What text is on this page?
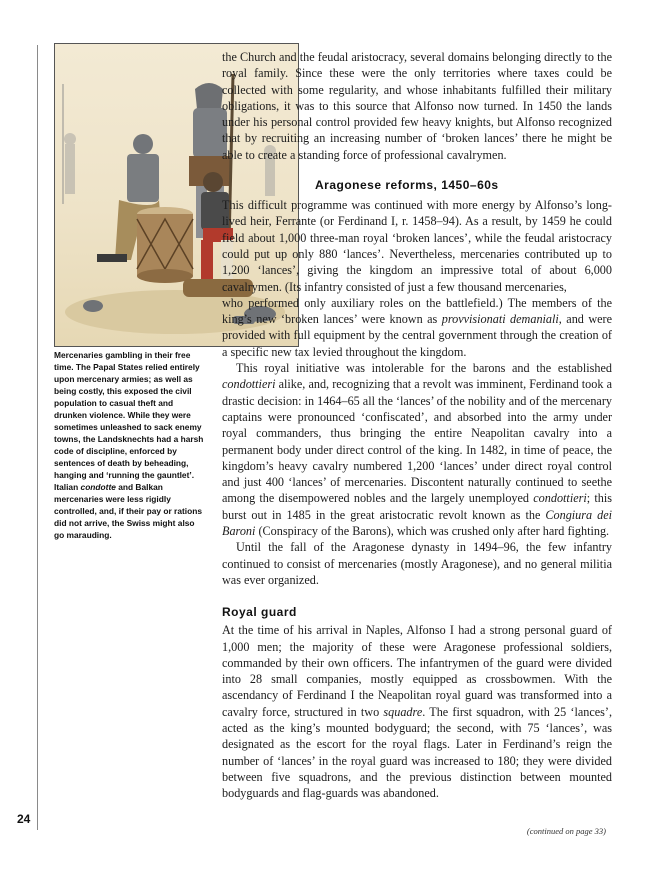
Mercenaries gambling in their free time. The Papal States relied entirely upon mercenary armies; as well as being costly, this exposed the civil population to casual theft and drunken violence. While they were sometimes unleashed to sack enemy towns, the Landsknechts had a harsh code of discipline, enforced by sentences of death by beheading, hanging and ‘running the gauntlet’. Italian condotte and Balkan mercenaries were less rigidly controlled, and, if their pay or rations did not arrive, the Swiss might also go marauding.

the Church and the feudal aristocracy, several domains belonging directly to the royal family. Since these were the only territories where taxes could be collected with some regularity, and whose inhabitants fulfilled their military obligations, it was to this source that Alfonso now turned. In 1450 the lands under his personal control provided few heavy knights, but Alfonso recognized that by recruiting an increasing number of ‘broken lances’ there he might be able to create a standing force of professional cavalrymen.

Aragonese reforms, 1450–60s

This difficult programme was continued with more energy by Alfonso’s long-lived heir, Ferrante (or Ferdinand I, r. 1458–94). As a result, by 1459 he could field about 1,000 three-man royal ‘broken lances’, while the feudal aristocracy could put up only 880 ‘lances’. Nevertheless, mercenaries contributed up to 1,200 ‘lances’, giving the kingdom an impressive total of about 6,000 cavalrymen. (Its infantry consisted of just a few thousand mercenaries,

who performed only auxiliary roles on the battlefield.) The members of the king’s new ‘broken lances’ were known as provvisionati demaniali, and were provided with full equipment by the central government through the creation of a specific new tax levied throughout the kingdom.

This royal initiative was intolerable for the barons and the established condottieri alike, and, recognizing that a revolt was imminent, Ferdinand took a drastic decision: in 1464–65 all the ‘lances’ of the nobility and of the mercenary captains were pronounced ‘confiscated’, and absorbed into the army under royal commanders, thus bringing the entire Neapolitan cavalry into a permanent body under direct control of the king. In 1482, in time of peace, the kingdom’s heavy cavalry numbered 1,200 ‘lances’ under direct royal control and just 400 ‘lances’ of mercenaries. Discontent naturally continued to seethe among the disempowered nobles and the largely unemployed condottieri; this burst out in 1485 in the great aristocratic revolt known as the Congiura dei Baroni (Conspiracy of the Barons), which was crushed only after hard fighting.

Until the fall of the Aragonese dynasty in 1494–96, the few infantry continued to consist of mercenaries (mostly Aragonese), and no general militia was ever organized.

Royal guard

At the time of his arrival in Naples, Alfonso I had a strong personal guard of 1,000 men; the majority of these were Aragonese professional soldiers, commanded by their own officers. The infantrymen of the guard were divided into 28 small companies, mostly equipped as crossbowmen. With the ascendancy of Ferdinand I the Neapolitan royal guard was transformed into a cavalry force, structured in two squadre. The first squadron, with 25 ‘lances’, acted as the king’s mounted bodyguard; the second, with 75 ‘lances’, was designated as the escort for the royal flags. Later in Ferdinand’s reign the number of ‘lances’ in the royal guard was increased to 180; they were divided between five squadrons, and the previous distinction between mounted bodyguards and flag-guards was abandoned.

24
(continued on page 33)
